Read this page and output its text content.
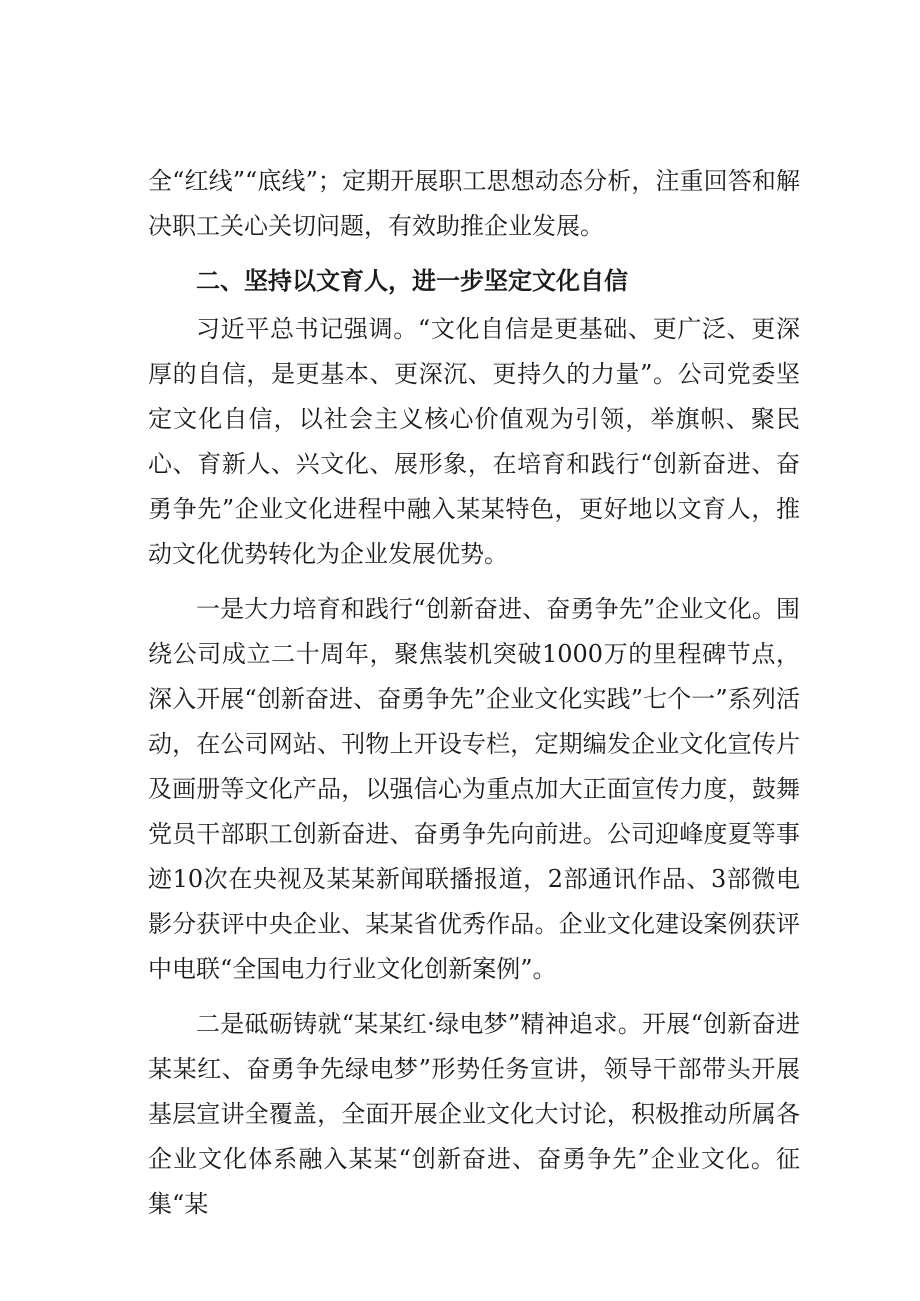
全“红线”“底线”；定期开展职工思想动态分析，注重回答和解决职工关心关切问题，有效助推企业发展。

二、坚持以文育人，进一步坚定文化自信

习近平总书记强调。“文化自信是更基础、更广泛、更深厚的自信，是更基本、更深沉、更持久的力量”。公司党委坚定文化自信，以社会主义核心价值观为引领，举旗帜、聚民心、育新人、兴文化、展形象，在培育和践行“创新奋进、奋勇争先”企业文化进程中融入某某特色，更好地以文育人，推动文化优势转化为企业发展优势。

一是大力培育和践行“创新奋进、奋勇争先”企业文化。围绕公司成立二十周年，聚焦装机突破1000万的里程碑节点，深入开展“创新奋进、奋勇争先”企业文化实践”七个一”系列活动，在公司网站、刊物上开设专栏，定期编发企业文化宣传片及画册等文化产品，以强信心为重点加大正面宣传力度，鼓舞党员干部职工创新奋进、奋勇争先向前进。公司迎峰度夏等事迹10次在央视及某某新闻联播报道，2部通讯作品、3部微电影分获评中央企业、某某省优秀作品。企业文化建设案例获评中电联“全国电力行业文化创新案例”。

二是砥砺铸就“某某红·绿电梦”精神追求。开展“创新奋进某某红、奋勇争先绿电梦”形势任务宣讲，领导干部带头开展基层宣讲全覆盖，全面开展企业文化大讨论，积极推动所属各企业文化体系融入某某“创新奋进、奋勇争先”企业文化。征集“某
